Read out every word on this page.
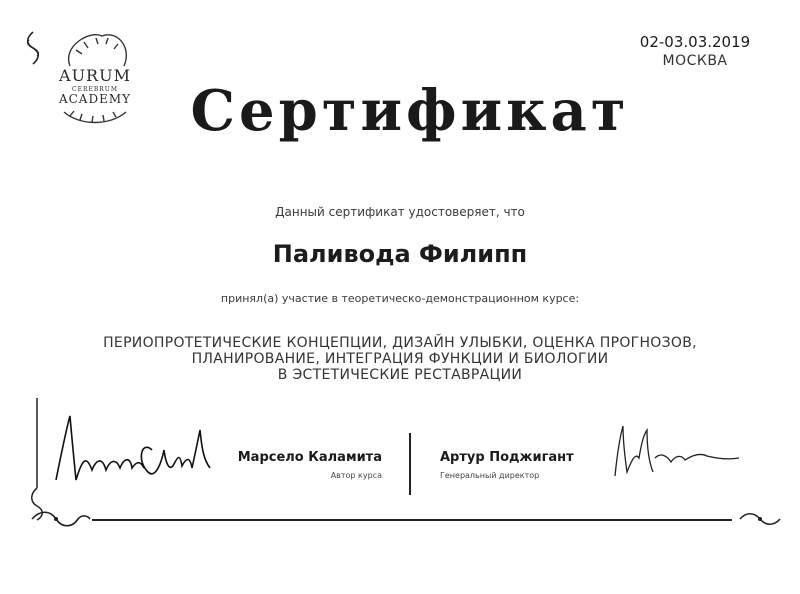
AURUM
CEREBRUM
ACADEMY
02-03.03.2019
МОСКВА
Сертификат
Данный сертификат удостоверяет, что
Паливода Филипп
принял(а) участие в теоретическо-демонстрационном курсе:
ПЕРИОПРОТЕТИЧЕСКИЕ КОНЦЕПЦИИ, ДИЗАЙН УЛЫБКИ, ОЦЕНКА ПРОГНОЗОВ,
ПЛАНИРОВАНИЕ, ИНТЕГРАЦИЯ ФУНКЦИИ И БИОЛОГИИ
В ЭСТЕТИЧЕСКИЕ РЕСТАВРАЦИИ
Марсело Каламита
Автор курса
Артур Поджигант
Генеральный директор
